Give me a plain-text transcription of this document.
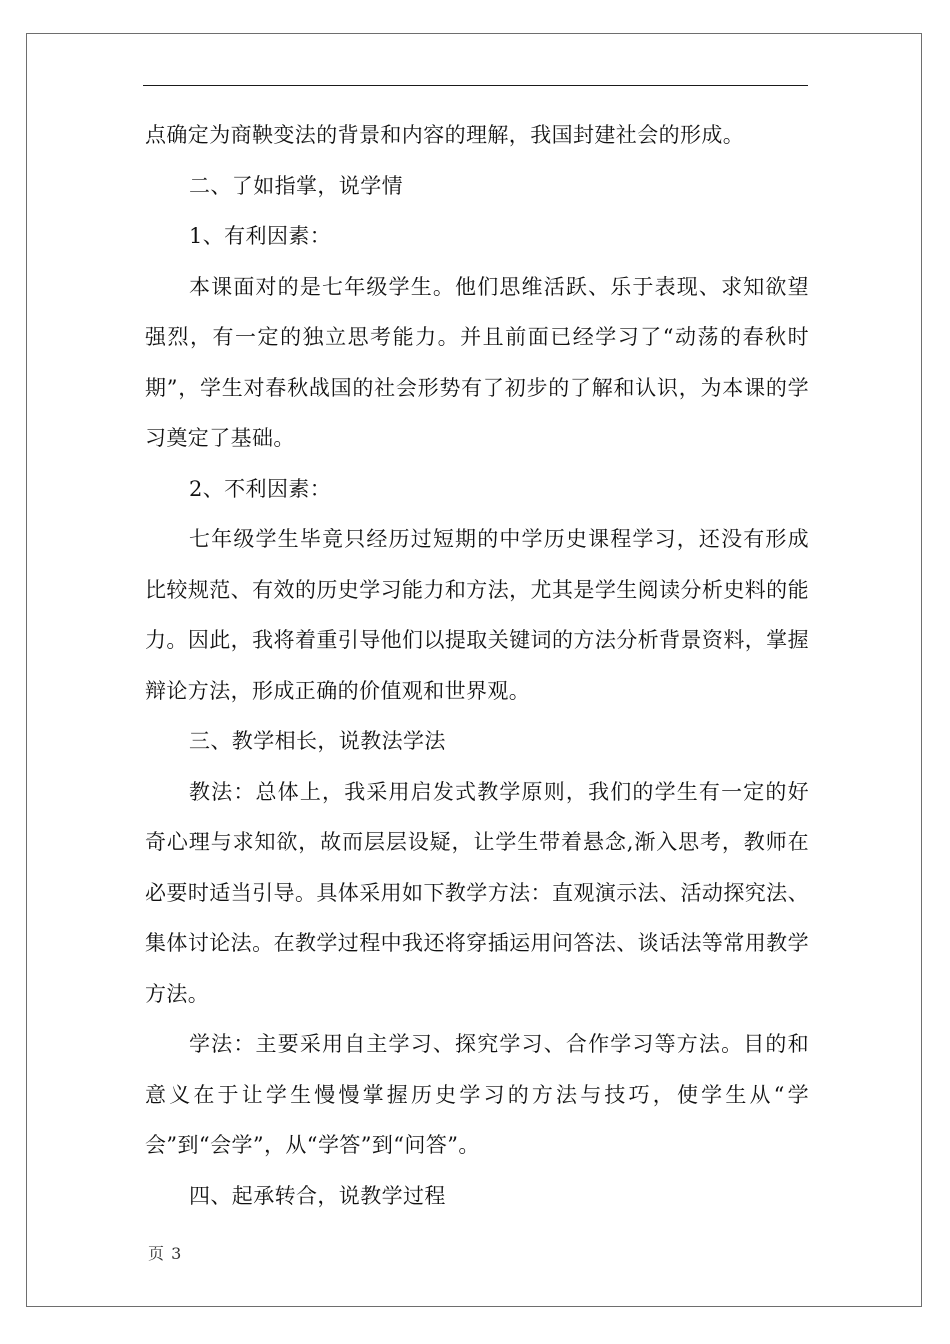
点确定为商鞅变法的背景和内容的理解，我国封建社会的形成。

二、了如指掌，说学情

1、有利因素：

本课面对的是七年级学生。他们思维活跃、乐于表现、求知欲望强烈，有一定的独立思考能力。并且前面已经学习了“动荡的春秋时期”，学生对春秋战国的社会形势有了初步的了解和认识，为本课的学习奠定了基础。

2、不利因素：

七年级学生毕竟只经历过短期的中学历史课程学习，还没有形成比较规范、有效的历史学习能力和方法，尤其是学生阅读分析史料的能力。因此，我将着重引导他们以提取关键词的方法分析背景资料，掌握辩论方法，形成正确的价值观和世界观。

三、教学相长，说教法学法

教法：总体上，我采用启发式教学原则，我们的学生有一定的好奇心理与求知欲，故而层层设疑，让学生带着悬念,渐入思考，教师在必要时适当引导。具体采用如下教学方法：直观演示法、活动探究法、集体讨论法。在教学过程中我还将穿插运用问答法、谈话法等常用教学方法。

学法：主要采用自主学习、探究学习、合作学习等方法。目的和意义在于让学生慢慢掌握历史学习的方法与技巧，使学生从“学会”到“会学”，从“学答”到“问答”。

四、起承转合，说教学过程

页 3
